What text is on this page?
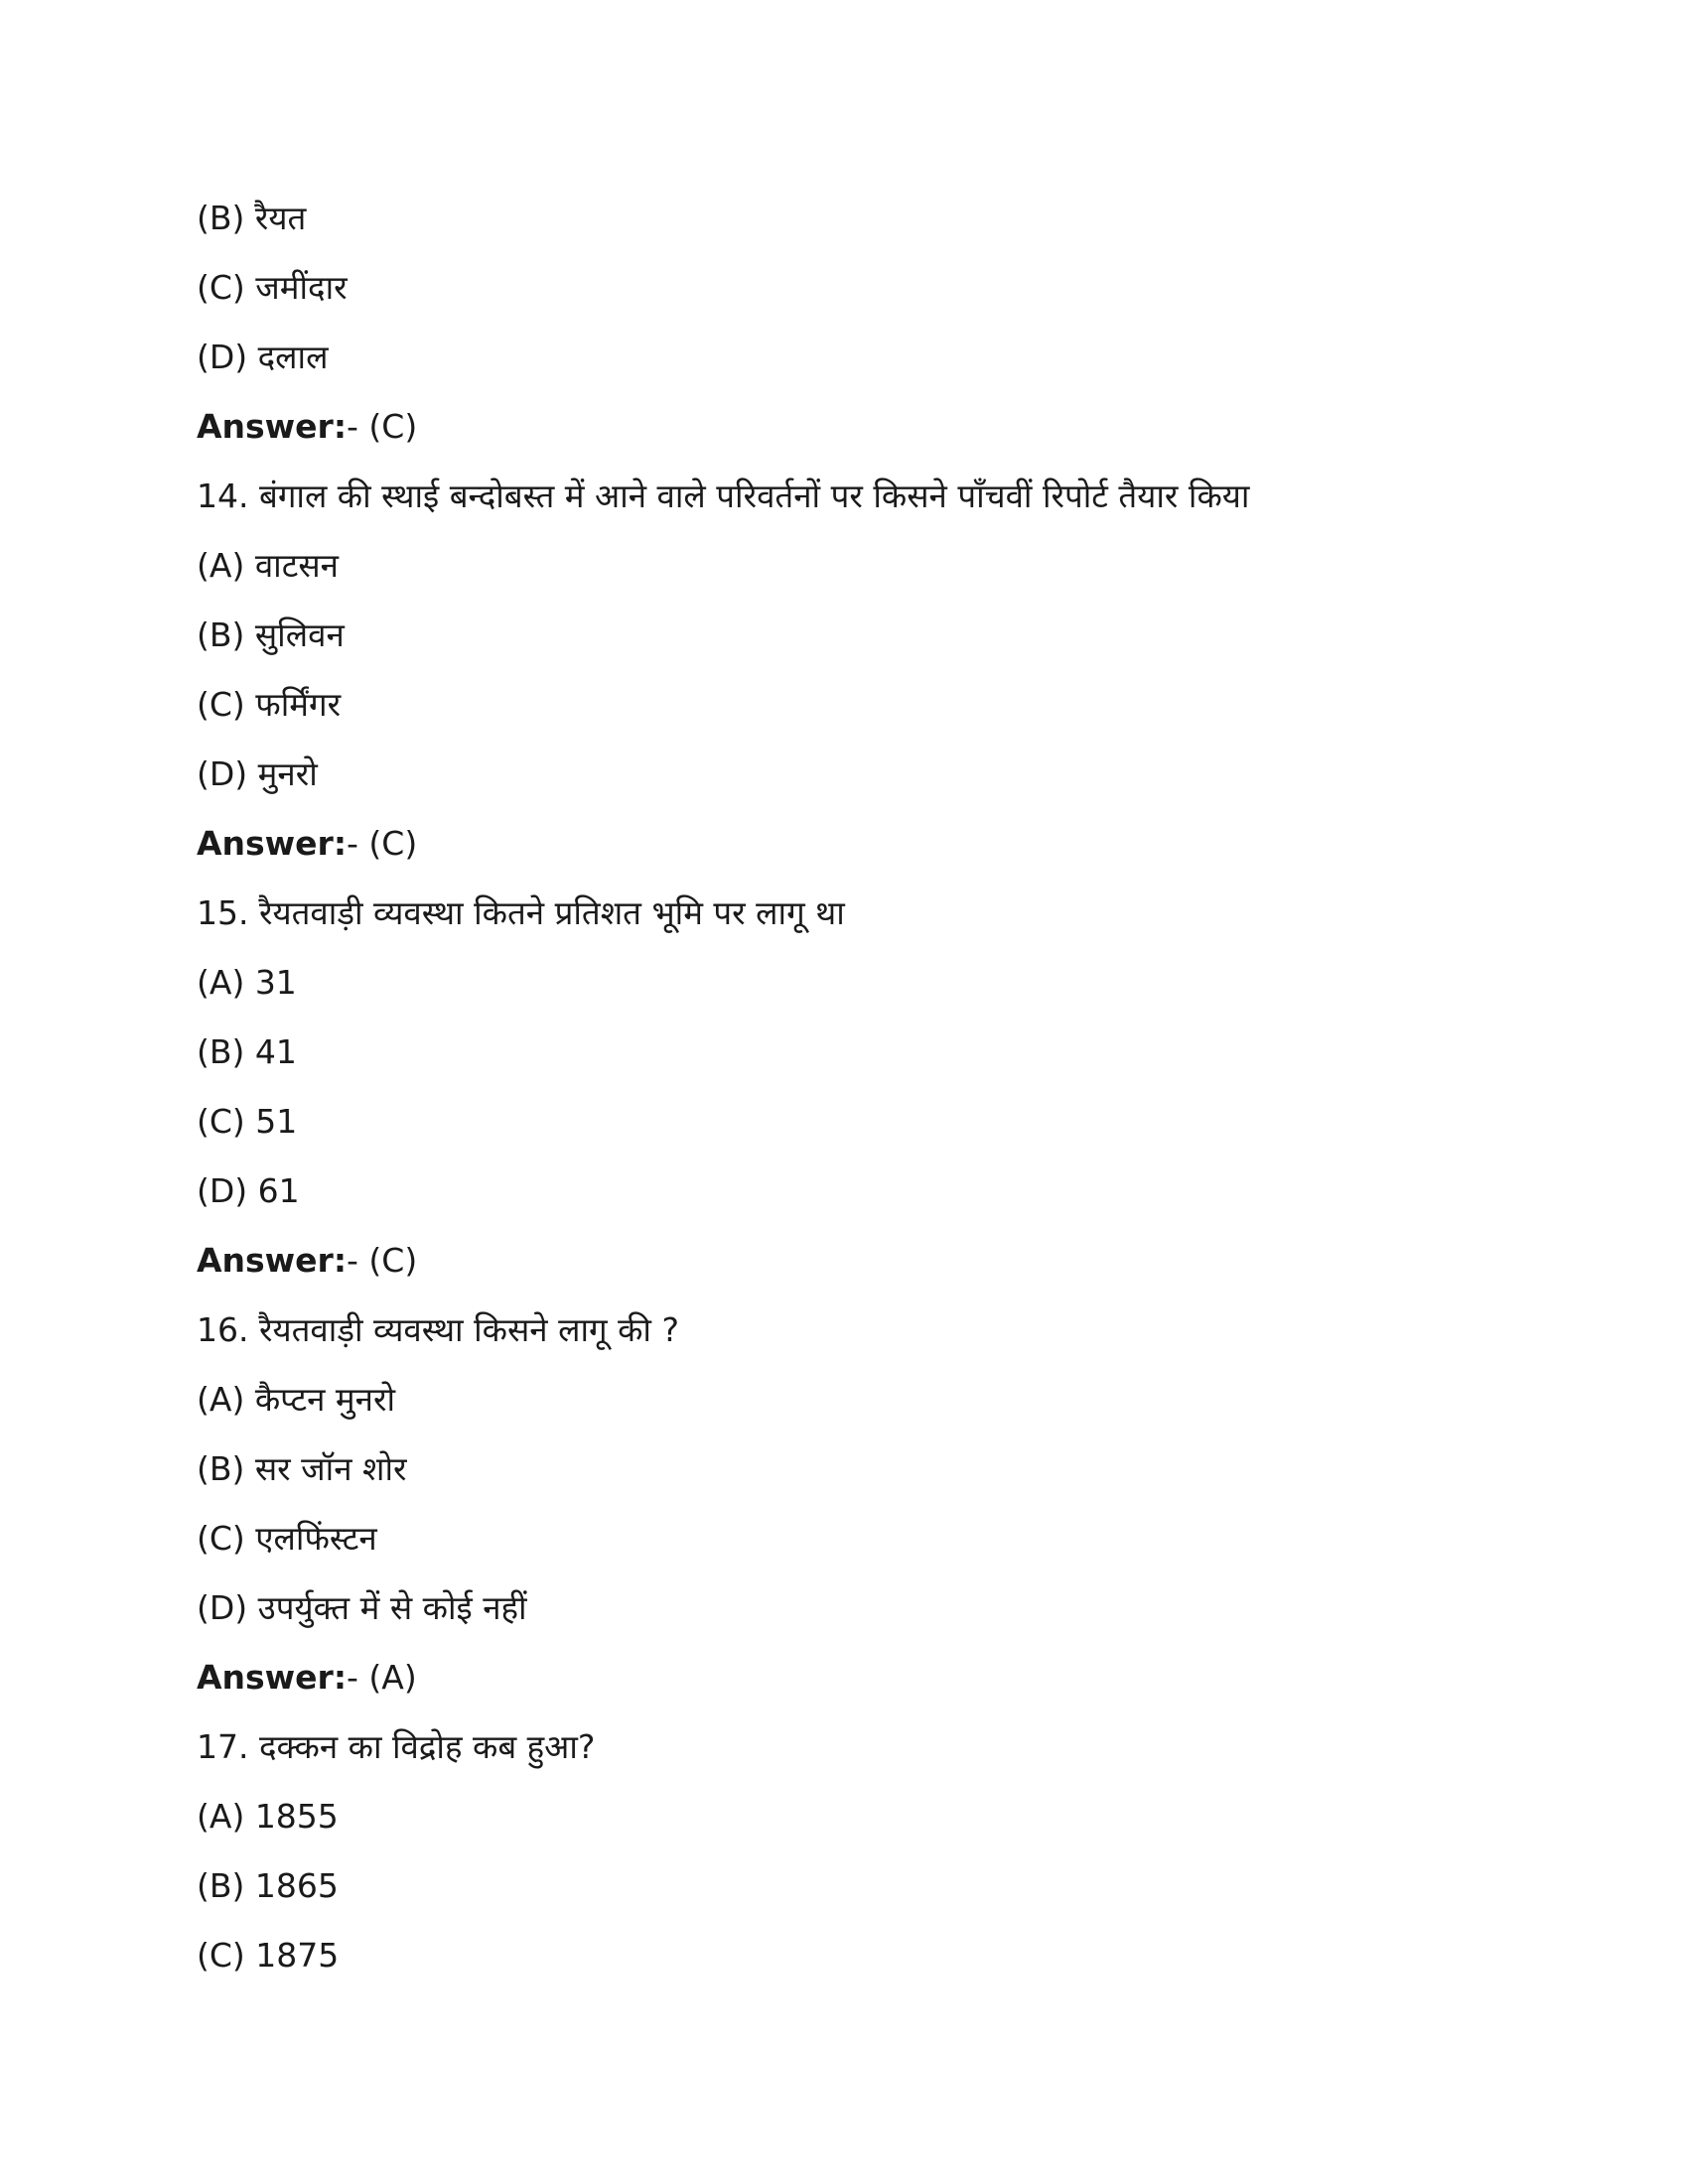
(B) रैयत
(C) जमींदार
(D) दलाल
Answer:- (C)
14. बंगाल की स्थाई बन्दोबस्त में आने वाले परिवर्तनों पर किसने पाँचवीं रिपोर्ट तैयार किया
(A) वाटसन
(B) सुलिवन
(C) फर्मिंगर
(D) मुनरो
Answer:- (C)
15. रैयतवाड़ी व्यवस्था कितने प्रतिशत भूमि पर लागू था
(A) 31
(B) 41
(C) 51
(D) 61
Answer:- (C)
16. रैयतवाड़ी व्यवस्था किसने लागू की ?
(A) कैप्टन मुनरो
(B) सर जॉन शोर
(C) एलफिंस्टन
(D) उपर्युक्त में से कोई नहीं
Answer:- (A)
17. दक्कन का विद्रोह कब हुआ?
(A) 1855
(B) 1865
(C) 1875
